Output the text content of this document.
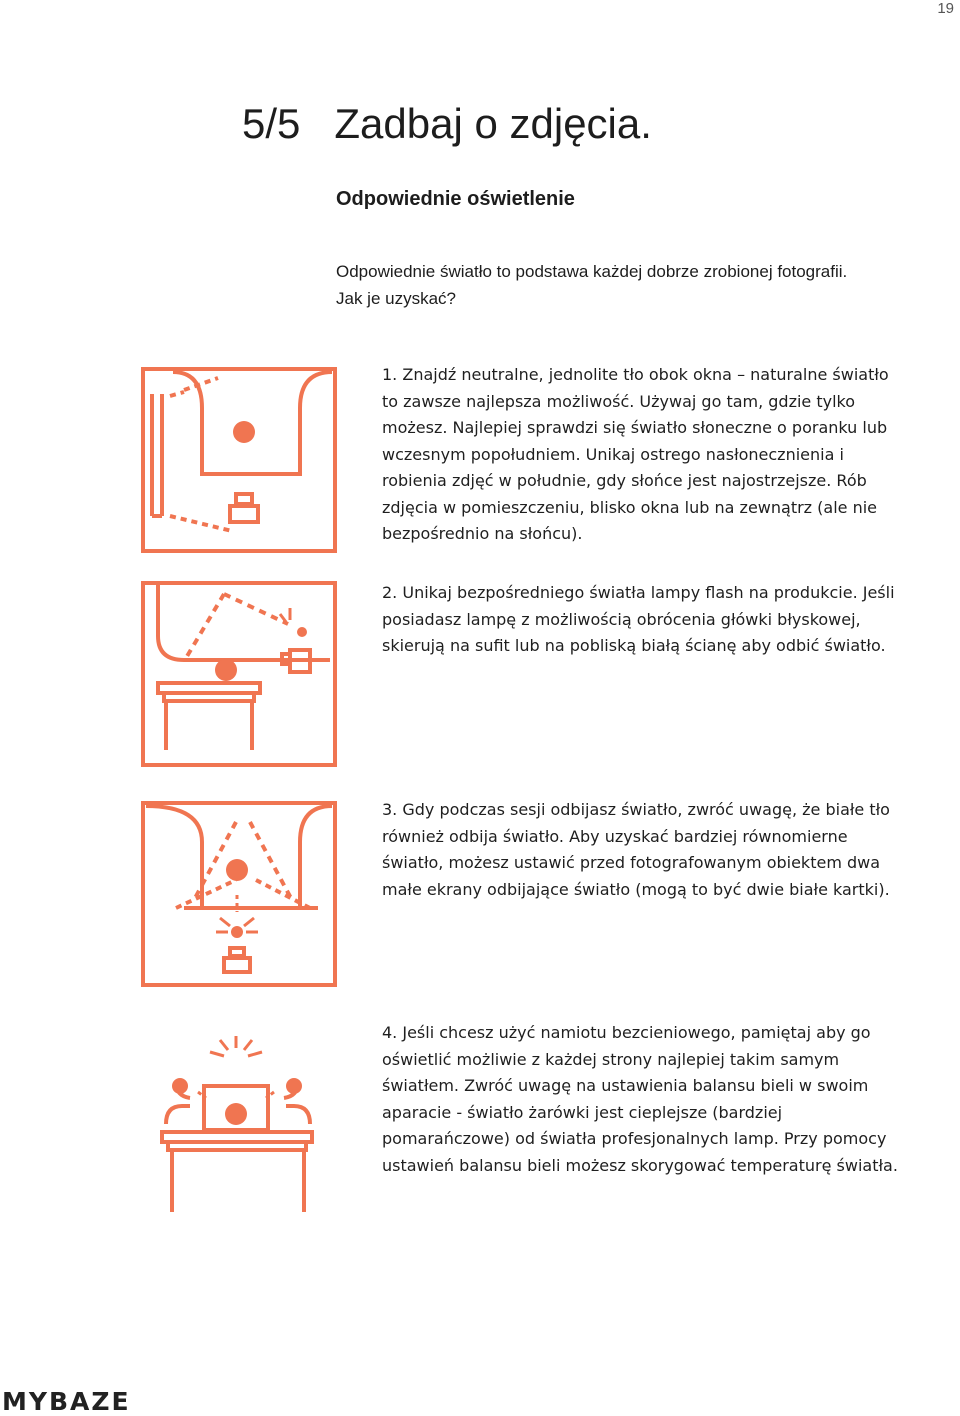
19
5/5 Zadbaj o zdjęcia.
Odpowiednie oświetlenie

Odpowiednie światło to podstawa każdej dobrze zrobionej fotografii. Jak je uzyskać?

1. Znajdź neutralne, jednolite tło obok okna – naturalne światło to zawsze najlepsza możliwość. Używaj go tam, gdzie tylko możesz. Najlepiej sprawdzi się światło słoneczne o poranku lub wczesnym popołudniem. Unikaj ostrego nasłonecznienia i robienia zdjęć w południe, gdy słońce jest najostrzejsze. Rób zdjęcia w pomieszczeniu, blisko okna lub na zewnątrz (ale nie bezpośrednio na słońcu).

2. Unikaj bezpośredniego światła lampy flash na produkcie. Jeśli posiadasz lampę z możliwością obrócenia główki błyskowej, skierują na sufit lub na pobliską białą ścianę aby odbić światło.

3. Gdy podczas sesji odbijasz światło, zwróć uwagę, że białe tło również odbija światło. Aby uzyskać bardziej równomierne światło, możesz ustawić przed fotografowanym obiektem dwa małe ekrany odbijające światło (mogą to być dwie białe kartki).

4. Jeśli chcesz użyć namiotu bezcieniowego, pamiętaj aby go oświetlić możliwie z każdej strony najlepiej takim samym światłem. Zwróć uwagę na ustawienia balansu bieli w swoim aparacie - światło żarówki jest cieplejsze (bardziej pomarańczowe) od światła profesjonalnych lamp. Przy pomocy ustawień balansu bieli możesz skorygować temperaturę światła.

MYBAZE
